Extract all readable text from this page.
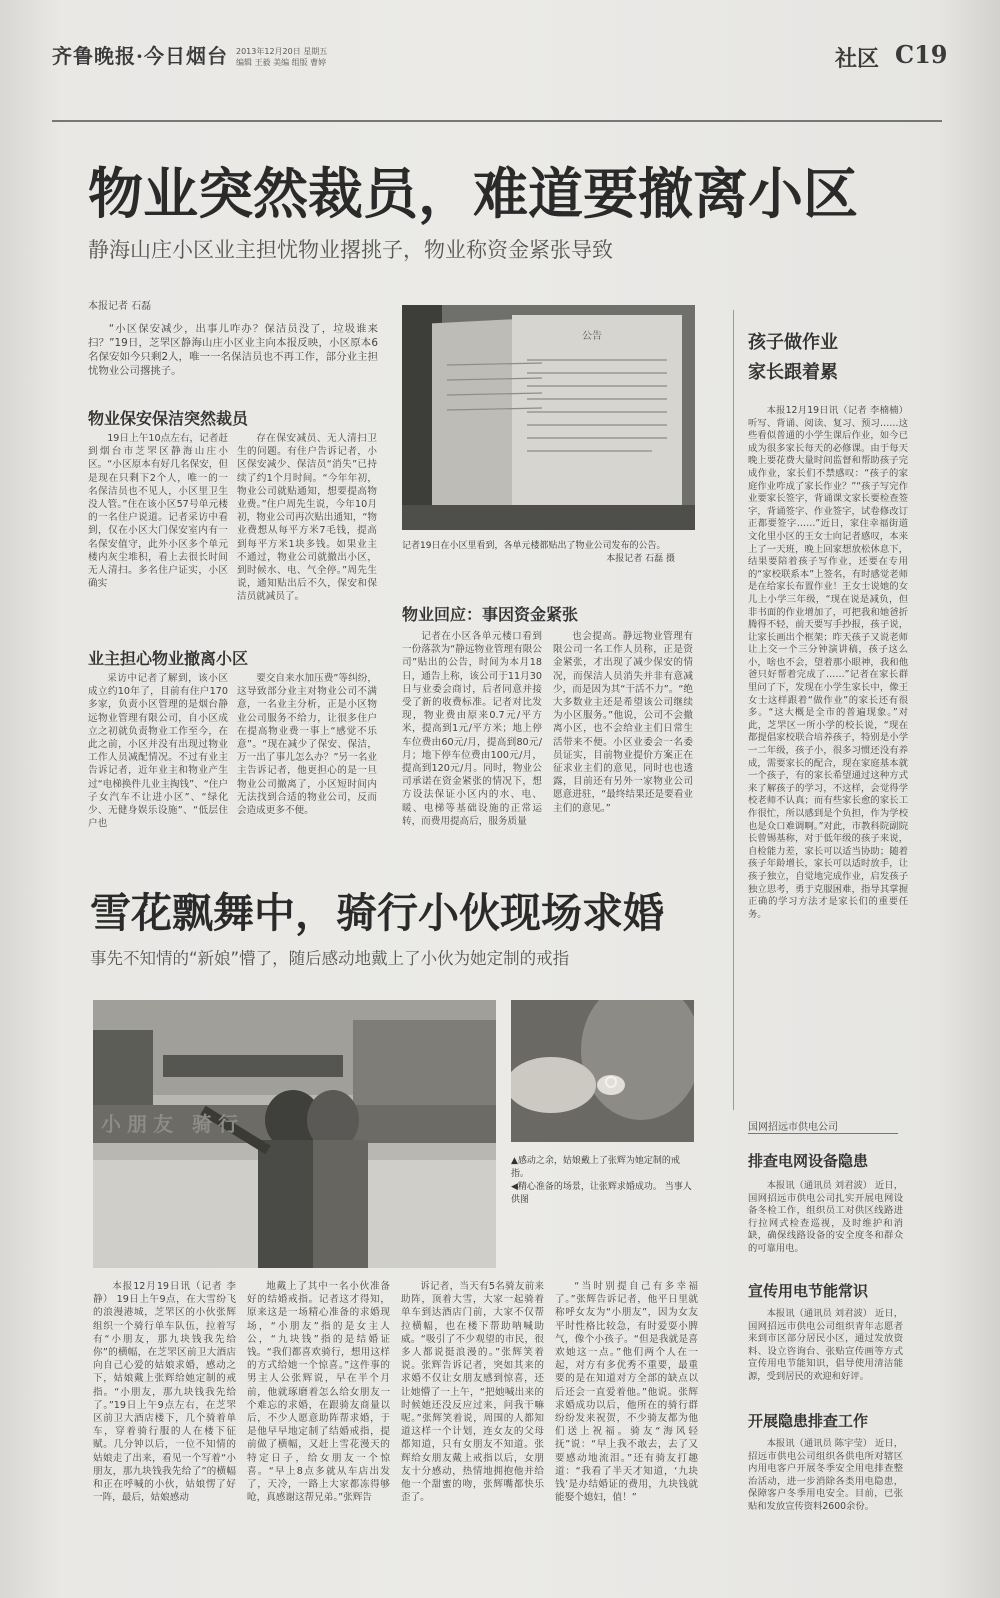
齐鲁晚报·今日烟台 2013年12月20日 星期五
编辑 王毅 美编 组版 曹婷	社区 C19
物业突然裁员，难道要撤离小区
静海山庄小区业主担忧物业撂挑子，物业称资金紧张导致
本报记者 石磊

“小区保安减少，出事儿咋办？保洁员没了，垃圾谁来扫？”19日，芝罘区静海山庄小区业主向本报反映，小区原本6名保安如今只剩2人，唯一一名保洁员也不再工作，部分业主担忧物业公司撂挑子。

物业保安保洁突然裁员

19日上午10点左右，记者赶到烟台市芝罘区静海山庄小区。“小区原本有好几名保安，但是现在只剩下2个人，唯一的一名保洁员也不见人，小区里卫生没人管。”住在该小区57号单元楼的一名住户说道。记者采访中看到，仅在小区大门保安室内有一名保安值守，此外小区多个单元楼内灰尘堆积，看上去很长时间无人清扫。多名住户证实，小区确实

存在保安减员、无人清扫卫生的问题。有住户告诉记者，小区保安减少、保洁员“消失”已持续了约1个月时间。“今年年初，物业公司就贴通知，想要提高物业费。”住户周先生说，今年10月初，物业公司再次贴出通知，“物业费想从每平方米7毛钱，提高到每平方米1块多钱。如果业主不通过，物业公司就撤出小区，到时候水、电、气全停。”周先生说，通知贴出后不久，保安和保洁员就减员了。

业主担心物业撤离小区

采访中记者了解到，该小区成立约10年了，目前有住户170多家，负责小区管理的是烟台静远物业管理有限公司，自小区成立之初就负责物业工作至今，在此之前，小区并没有出现过物业工作人员减配情况。不过有业主告诉记者，近年业主和物业产生过“电梯换件儿业主掏钱”、“住户子女汽车不让进小区”、“绿化少、无健身娱乐设施”、“低层住户也

要交自来水加压费”等纠纷，这导致部分业主对物业公司不满意，一名业主分析，正是小区物业公司服务不给力，让很多住户在提高物业费一事上“感觉不乐意”。“现在减少了保安、保洁，万一出了事儿怎么办？”另一名业主告诉记者，他更担心的是一旦物业公司撤离了，小区短时间内无法找到合适的物业公司，反而会造成更多不便。

公告
记者19日在小区里看到，各单元楼都贴出了物业公司发布的公告。
本报记者 石磊 摄
物业回应：事因资金紧张

记者在小区各单元楼口看到一份落款为“静远物业管理有限公司”贴出的公告，时间为本月18日，通告上称，该公司于11月30日与业委会商讨，后者同意并接受了新的收费标准。记者对比发现，物业费由原来0.7元/平方米，提高到1元/平方米；地上停车位费由60元/月，提高到80元/月；地下停车位费由100元/月，提高到120元/月。同时，物业公司承诺在资金紧张的情况下，想方设法保证小区内的水、电、暖、电梯等基础设施的正常运转，而费用提高后，服务质量

也会提高。静远物业管理有限公司一名工作人员称，正是资金紧张，才出现了减少保安的情况，而保洁人员消失并非有意减少，而是因为其“干活不力”。“绝大多数业主还是希望该公司继续为小区服务。”他说，公司不会撤离小区，也不会给业主们日常生活带来不便。小区业委会一名委员证实，目前物业提价方案正在征求业主们的意见，同时也也透露，目前还有另外一家物业公司愿意进驻，“最终结果还是要看业主们的意见。”

孩子做作业
家长跟着累

本报12月19日讯（记者 李楠楠） 听写、背诵、阅读、复习、预习……这些看似普通的小学生课后作业，如今已成为很多家长每天的必修课。由于每天晚上要花费大量时间监督和帮助孩子完成作业，家长们不禁感叹：“孩子的家庭作业咋成了家长作业？”“孩子写完作业要家长签字，背诵课文家长要检查签字，背诵签字、作业签字，试卷修改订正都要签字……”近日，家住幸福街道文化里小区的王女士向记者感叹，本来上了一天班，晚上回家想放松休息下，结果要陪着孩子写作业，还要在专用的“家校联系本”上签名，有时感觉老师是在给家长布置作业！王女士说她的女儿上小学三年级，“现在说是减负，但非书面的作业增加了，可把我和她爸折腾得不轻，前天要写手抄报，孩子说，让家长画出个框架；昨天孩子又说老师让上交一个三分钟演讲稿，孩子这么小，啥也不会，望着那小眼神，我和他爸只好帮着完成了……”记者在家长群里问了下，发现在小学生家长中，像王女士这样跟着“做作业”的家长还有很多。“这大概是全市的普遍现象。”对此，芝罘区一所小学的校长说，“现在都提倡家校联合培养孩子，特别是小学一二年级，孩子小，很多习惯还没有养成，需要家长的配合，现在家庭基本就一个孩子，有的家长希望通过这种方式来了解孩子的学习，不这样，会觉得学校老师不认真；而有些家长愈的家长工作很忙，所以感到是个负担，作为学校也是众口难调啊。”对此，市教科院副院长曾锡基称，对于低年级的孩子来说，自检能力差，家长可以适当协助；随着孩子年龄增长，家长可以适时放手，让孩子独立，自觉地完成作业，启发孩子独立思考，勇于克服困难，指导其掌握正确的学习方法才是家长们的重要任务。

国网招远市供电公司
排查电网设备隐患

本报讯（通讯员 刘君波） 近日，国网招远市供电公司扎实开展电网设备冬检工作，组织员工对供区线路进行拉网式检查巡视，及时维护和消缺，确保线路设备的安全度冬和群众的可靠用电。

宣传用电节能常识

本报讯（通讯员 刘君波） 近日，国网招远市供电公司组织青年志愿者来到市区部分居民小区，通过发放资料、设立咨询台、张贴宣传画等方式宣传用电节能知识，倡导使用清洁能源，受到居民的欢迎和好评。

开展隐患排查工作

本报讯（通讯员 陈宇莹） 近日，招远市供电公司组织各供电所对辖区内用电客户开展冬季安全用电排查整治活动，进一步消除各类用电隐患，保障客户冬季用电安全。目前，已张贴和发放宣传资料2600余份。

雪花飘舞中，骑行小伙现场求婚
事先不知情的“新娘”懵了，随后感动地戴上了小伙为她定制的戒指
小朋友 骑行
▲感动之余，姑娘戴上了张辉为她定制的戒指。
◀精心准备的场景，让张辉求婚成功。 当事人供图

本报12月19日讯（记者 李静） 19日上午9点，在大雪纷飞的浪漫港城，芝罘区的小伙张辉组织一个骑行单车队伍，拉着写有“小朋友，那九块钱我先给你”的横幅，在芝罘区前卫大酒店向自己心爱的姑娘求婚，感动之下，姑娘戴上张辉给她定制的戒指。“小朋友，那九块钱我先给了。”19日上午9点左右，在芝罘区前卫大酒店楼下，几个骑着单车，穿着骑行服的人在楼下征赋。几分钟以后，一位不知情的姑娘走了出来，看见一个写着“小朋友，那九块钱我先给了”的横幅和正在呼喊的小伙，姑娘愣了好一阵，最后，姑娘感动

地戴上了其中一名小伙准备好的结婚戒指。记者这才得知，原来这是一场精心准备的求婚现场，“小朋友”指的是女主人公，“九块钱”指的是结婚证钱。“我们都喜欢骑行，想用这样的方式给她一个惊喜。”这件事的男主人公张辉说，早在半个月前，他就琢磨着怎么给女朋友一个难忘的求婚，在跟骑友商量以后，不少人愿意助阵帮求婚，于是他早早地定制了结婚戒指，提前做了横幅，又赶上雪花漫天的特定日子，给女朋友一个惊喜。“早上8点多就从车店出发了，天冷，一路上大家都冻得够呛，真感谢这帮兄弟。”张辉告

诉记者，当天有5名骑友前来助阵，顶着大雪，大家一起骑着单车到达酒店门前，大家不仅帮拉横幅，也在楼下帮助呐喊助威。“吸引了不少观望的市民，很多人都说挺浪漫的。”张辉笑着说。张辉告诉记者，突如其来的求婚不仅让女朋友感到惊喜，还让她懵了一上午，“把她喊出来的时候她还没反应过来，问我干嘛呢。”张辉笑着说，周围的人都知道这样一个计划，连女友的父母都知道，只有女朋友不知道。张辉给女朋友戴上戒指以后，女朋友十分感动，热情地拥抱他并给他一个甜蜜的吻，张辉嘴都快乐歪了。

“当时别提自己有多幸福了。”张辉告诉记者，他平日里就称呼女友为“小朋友”，因为女友平时性格比较急，有时爱耍小脾气，像个小孩子。“但是我就是喜欢她这一点。”他们两个人在一起，对方有多优秀不重要，最重要的是在知道对方全部的缺点以后还会一直爱着他。”他说。张辉求婚成功以后，他所在的骑行群纷纷发来祝贺，不少骑友都为他们送上祝福。骑友“海风轻抚”说：“早上我不敢去，去了又要感动地流泪。”还有骑友打趣道：“我看了半天才知道，‘九块钱’是办结婚证的费用，九块钱就能娶个媳妇，值！”
